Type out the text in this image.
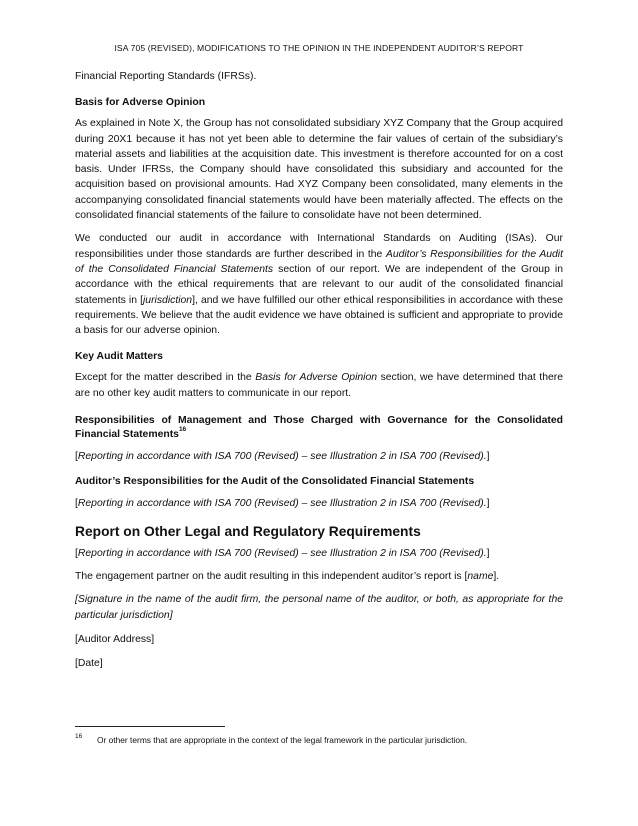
ISA 705 (REVISED), MODIFICATIONS TO THE OPINION IN THE INDEPENDENT AUDITOR’S REPORT

Financial Reporting Standards (IFRSs).

Basis for Adverse Opinion

As explained in Note X, the Group has not consolidated subsidiary XYZ Company that the Group acquired during 20X1 because it has not yet been able to determine the fair values of certain of the subsidiary’s material assets and liabilities at the acquisition date. This investment is therefore accounted for on a cost basis. Under IFRSs, the Company should have consolidated this subsidiary and accounted for the acquisition based on provisional amounts. Had XYZ Company been consolidated, many elements in the accompanying consolidated financial statements would have been materially affected. The effects on the consolidated financial statements of the failure to consolidate have not been determined.

We conducted our audit in accordance with International Standards on Auditing (ISAs). Our responsibilities under those standards are further described in the Auditor’s Responsibilities for the Audit of the Consolidated Financial Statements section of our report. We are independent of the Group in accordance with the ethical requirements that are relevant to our audit of the consolidated financial statements in [jurisdiction], and we have fulfilled our other ethical responsibilities in accordance with these requirements. We believe that the audit evidence we have obtained is sufficient and appropriate to provide a basis for our adverse opinion.

Key Audit Matters

Except for the matter described in the Basis for Adverse Opinion section, we have determined that there are no other key audit matters to communicate in our report.

Responsibilities of Management and Those Charged with Governance for the Consolidated Financial Statements$^{16}$

[Reporting in accordance with ISA 700 (Revised) – see Illustration 2 in ISA 700 (Revised).]

Auditor’s Responsibilities for the Audit of the Consolidated Financial Statements

[Reporting in accordance with ISA 700 (Revised) – see Illustration 2 in ISA 700 (Revised).]

Report on Other Legal and Regulatory Requirements

[Reporting in accordance with ISA 700 (Revised) – see Illustration 2 in ISA 700 (Revised).]

The engagement partner on the audit resulting in this independent auditor’s report is [name].

[Signature in the name of the audit firm, the personal name of the auditor, or both, as appropriate for the particular jurisdiction]

[Auditor Address]

[Date]

16 Or other terms that are appropriate in the context of the legal framework in the particular jurisdiction.
